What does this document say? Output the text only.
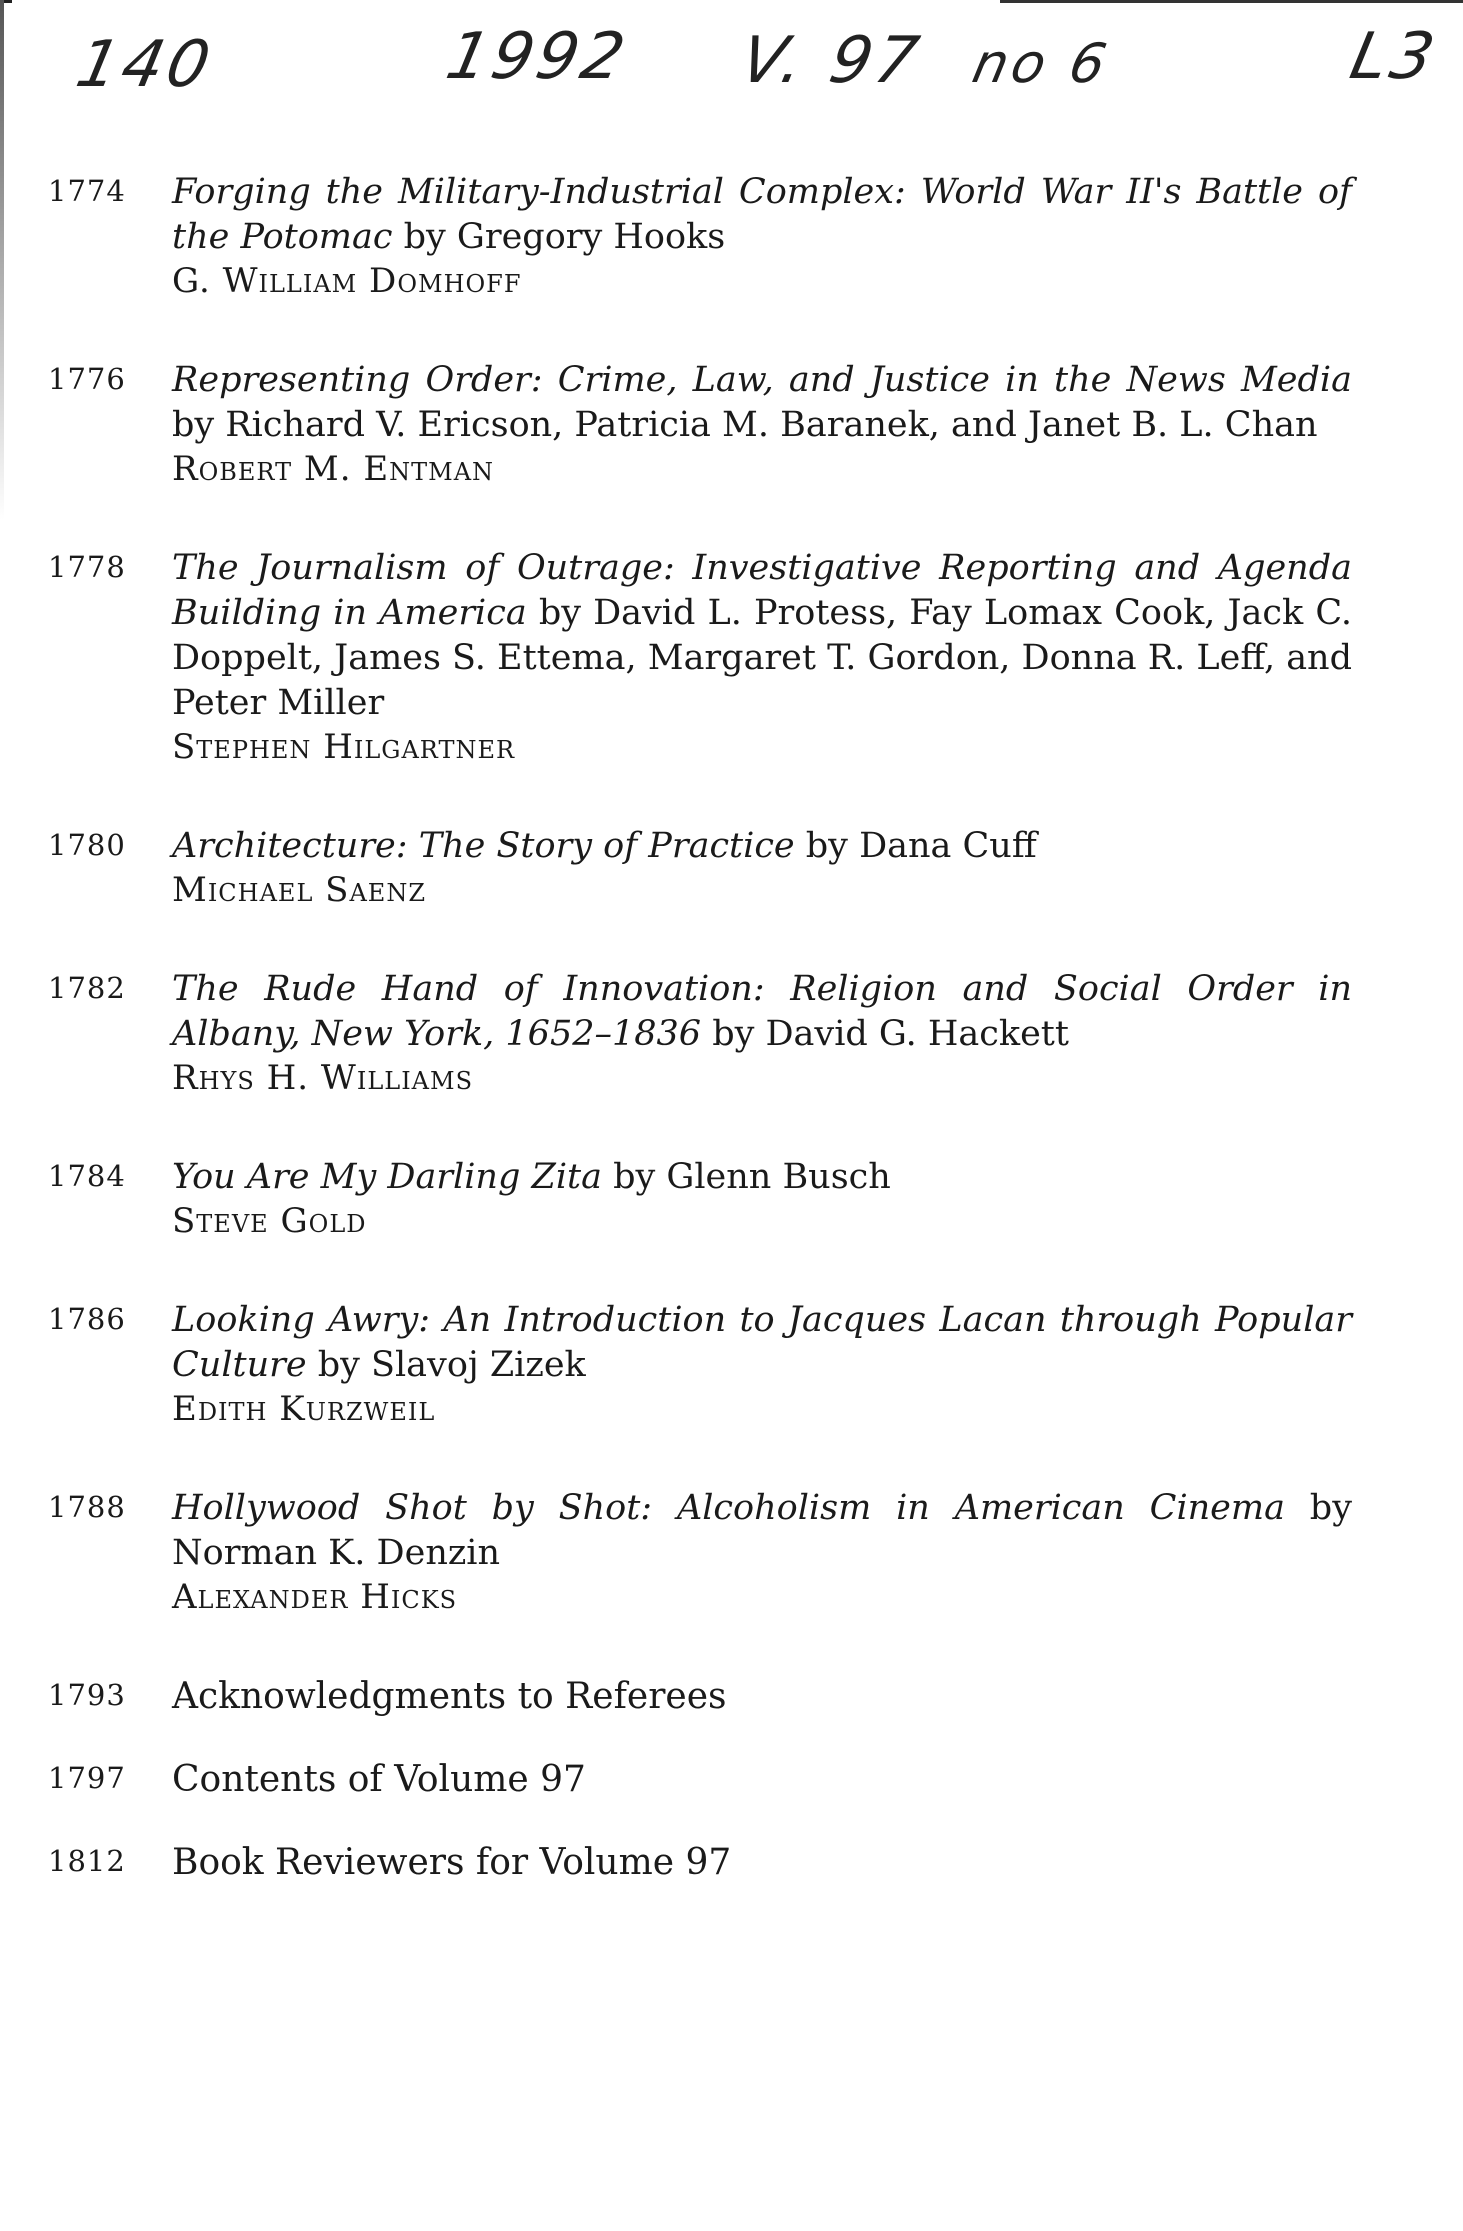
140	1992 V. 97 no 6	L3
1774	Forging the Military-Industrial Complex: World War II's Battle of the Potomac by Gregory Hooks
G. William Domhoff
1776	Representing Order: Crime, Law, and Justice in the News Media by Richard V. Ericson, Patricia M. Baranek, and Janet B. L. Chan
Robert M. Entman
1778	The Journalism of Outrage: Investigative Reporting and Agenda Building in America by David L. Protess, Fay Lomax Cook, Jack C. Doppelt, James S. Ettema, Margaret T. Gordon, Donna R. Leff, and Peter Miller
Stephen Hilgartner
1780	Architecture: The Story of Practice by Dana Cuff
Michael Saenz
1782	The Rude Hand of Innovation: Religion and Social Order in Albany, New York, 1652–1836 by David G. Hackett
Rhys H. Williams
1784	You Are My Darling Zita by Glenn Busch
Steve Gold
1786	Looking Awry: An Introduction to Jacques Lacan through Popular Culture by Slavoj Zizek
Edith Kurzweil
1788	Hollywood Shot by Shot: Alcoholism in American Cinema by Norman K. Denzin
Alexander Hicks
1793	Acknowledgments to Referees
1797	Contents of Volume 97
1812	Book Reviewers for Volume 97
